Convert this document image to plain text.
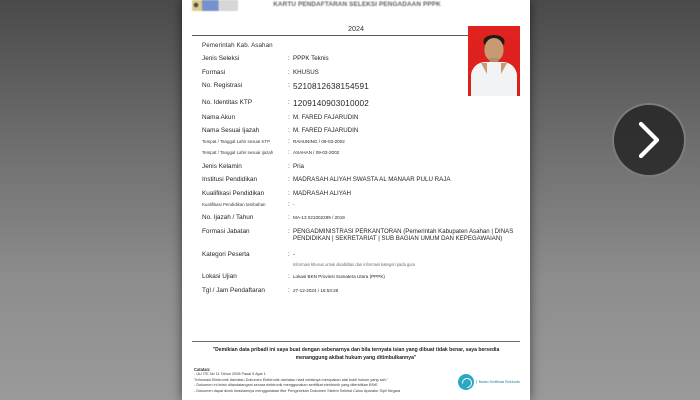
KARTU PENDAFTARAN SELEKSI PENGADAAN PPPK
2024
Pemerintah Kab. Asahan
Jenis Seleksi	: PPPK Teknis
Formasi	: KHUSUS
No. Registrasi	: 5210812638154591
No. Identitas KTP	: 1209140903010002
Nama Akun	: M. FARED FAJARUDIN
Nama Sesuai Ijazah	: M. FARED FAJARUDIN
Tempat / Tanggal Lahir sesuai KTP	: RAHUNING / 09-03-2002
Tempat / Tanggal Lahir sesuai Ijazah	: ASAHAN / 09-03-2002
Jenis Kelamin	: Pria
Institusi Pendidikan	: MADRASAH ALIYAH SWASTA AL MANAAR PULU RAJA
Kualifikasi Pendidikan	: MADRASAH ALIYAH
Kualifikasi Pendidikan tambahan	: -
No. Ijazah / Tahun	: MA-13 021002299 / 2019
Formasi Jabatan	: PENGADMINISTRASI PERKANTORAN (Pemerintah Kabupaten Asahan | DINAS PENDIDIKAN | SEKRETARIAT | SUB BAGIAN UMUM DAN KEPEGAWAIAN)
Kategori Peserta	: -
Informasi khusus untuk disabilitas dan informasi kategori pada guru
Lokasi Ujian	: Lokasi BKN Provinsi Sumatera Utara (PPPK)
Tgl / Jam Pendaftaran	: 27-12-2024 / 16:53:28
"Demikian data pribadi ini saya buat dengan sebenarnya dan bila ternyata isian yang dibuat tidak benar, saya bersedia menanggung akibat hukum yang ditimbulkannya"
Catatan:
- UU ITE No 11 Tahun 2008 Pasal 5 Ayat 1
"Informasi Elektronik dan/atau Dokumen Elektronik dan/atau hasil cetaknya merupakan alat bukti hukum yang sah."
- Dokumen ini telah ditandatangani secara elektronik menggunakan sertifikat elektronik yang diterbitkan BSrE
- Dokumen dapat dicek keasliannya menggunakan fitur Pengecekan Dokumen Sistem Seleksi Calon Aparatur Sipil Negara
Badan Sertifikasi Elektronik
